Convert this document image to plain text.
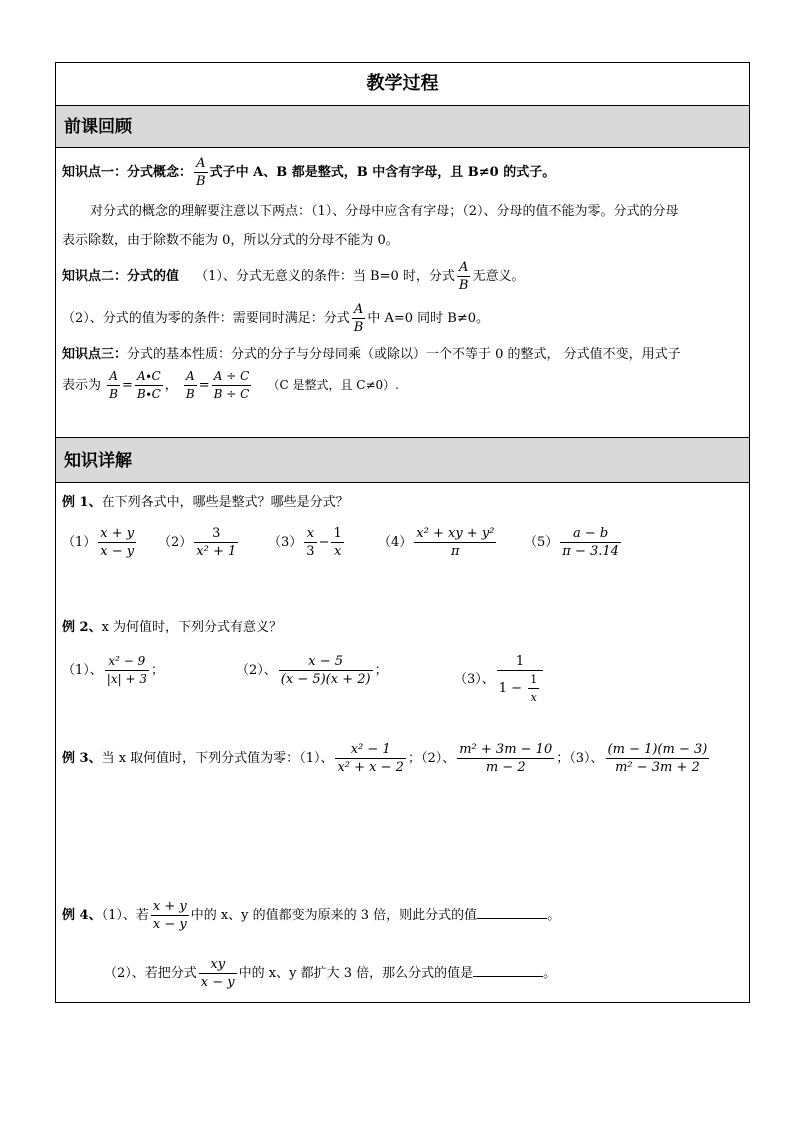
教学过程
前课回顾
知识点一：分式概念： $\frac{A}{B}$ 式子中 A、B 都是整式，B 中含有字母，且 B≠0 的式子。
对分式的概念的理解要注意以下两点：（1）、分母中应含有字母；（2）、分母的值不能为零。分式的分母
表示除数，由于除数不能为 0，所以分式的分母不能为 0。
知识点二：分式的值 （1）、分式无意义的条件：当 B=0 时，分式 $\frac{A}{B}$ 无意义。
（2）、分式的值为零的条件：需要同时满足：分式 $\frac{A}{B}$ 中 A=0 同时 B≠0。
知识点三：分式的基本性质：分式的分子与分母同乘（或除以）一个不等于 0 的整式， 分式值不变，用式子
表示为 $\frac{A}{B} = \frac{A\cdot C}{B\cdot C}$ ， $\frac{A}{B} = \frac{A \div C}{B \div C} (C$ 是整式，且 C≠0）.
知识详解
例 1、在下列各式中，哪些是整式？哪些是分式？
$(1) \frac{x + y}{x - y} (2) \frac{3}{\text{x² + 1}} (3) \frac{x}{3} - \frac{1}{x}$	$(4) \frac{\text{x² + xy + y²}}{\pi} (5) \frac{a - b}{\pi - 3.14}$
例 2、x 为何值时，下列分式有意义？
（1）、 $\frac{\text{x² − 9}}{|x| + 3}$ ；	（2）、 $\frac{x - 5}{(x - 5)(x + 2)}$ ；
（3）、 $\frac{1}{1 - \frac{1}{x}}$
例 3、当 x 取何值时，下列分式值为零：（1）、 $\frac{\text{x² − 1}}{\text{x² + x − 2}}$ ；（2）、 $\frac{\text{m² + 3m − 10}}{m - 2}$ ；（3）、 $\frac{(m - 1)(m - 3)}{\text{m² − 3m + 2}}$
例 4、（1）、若 $\frac{x + y}{x - y}$ 中的 x、y 的值都变为原来的 3 倍，则此分式的值	。
（2）、若把分式 $\frac{xy}{x - y}$ 中的 x、y 都扩大 3 倍，那么分式的值是	。
